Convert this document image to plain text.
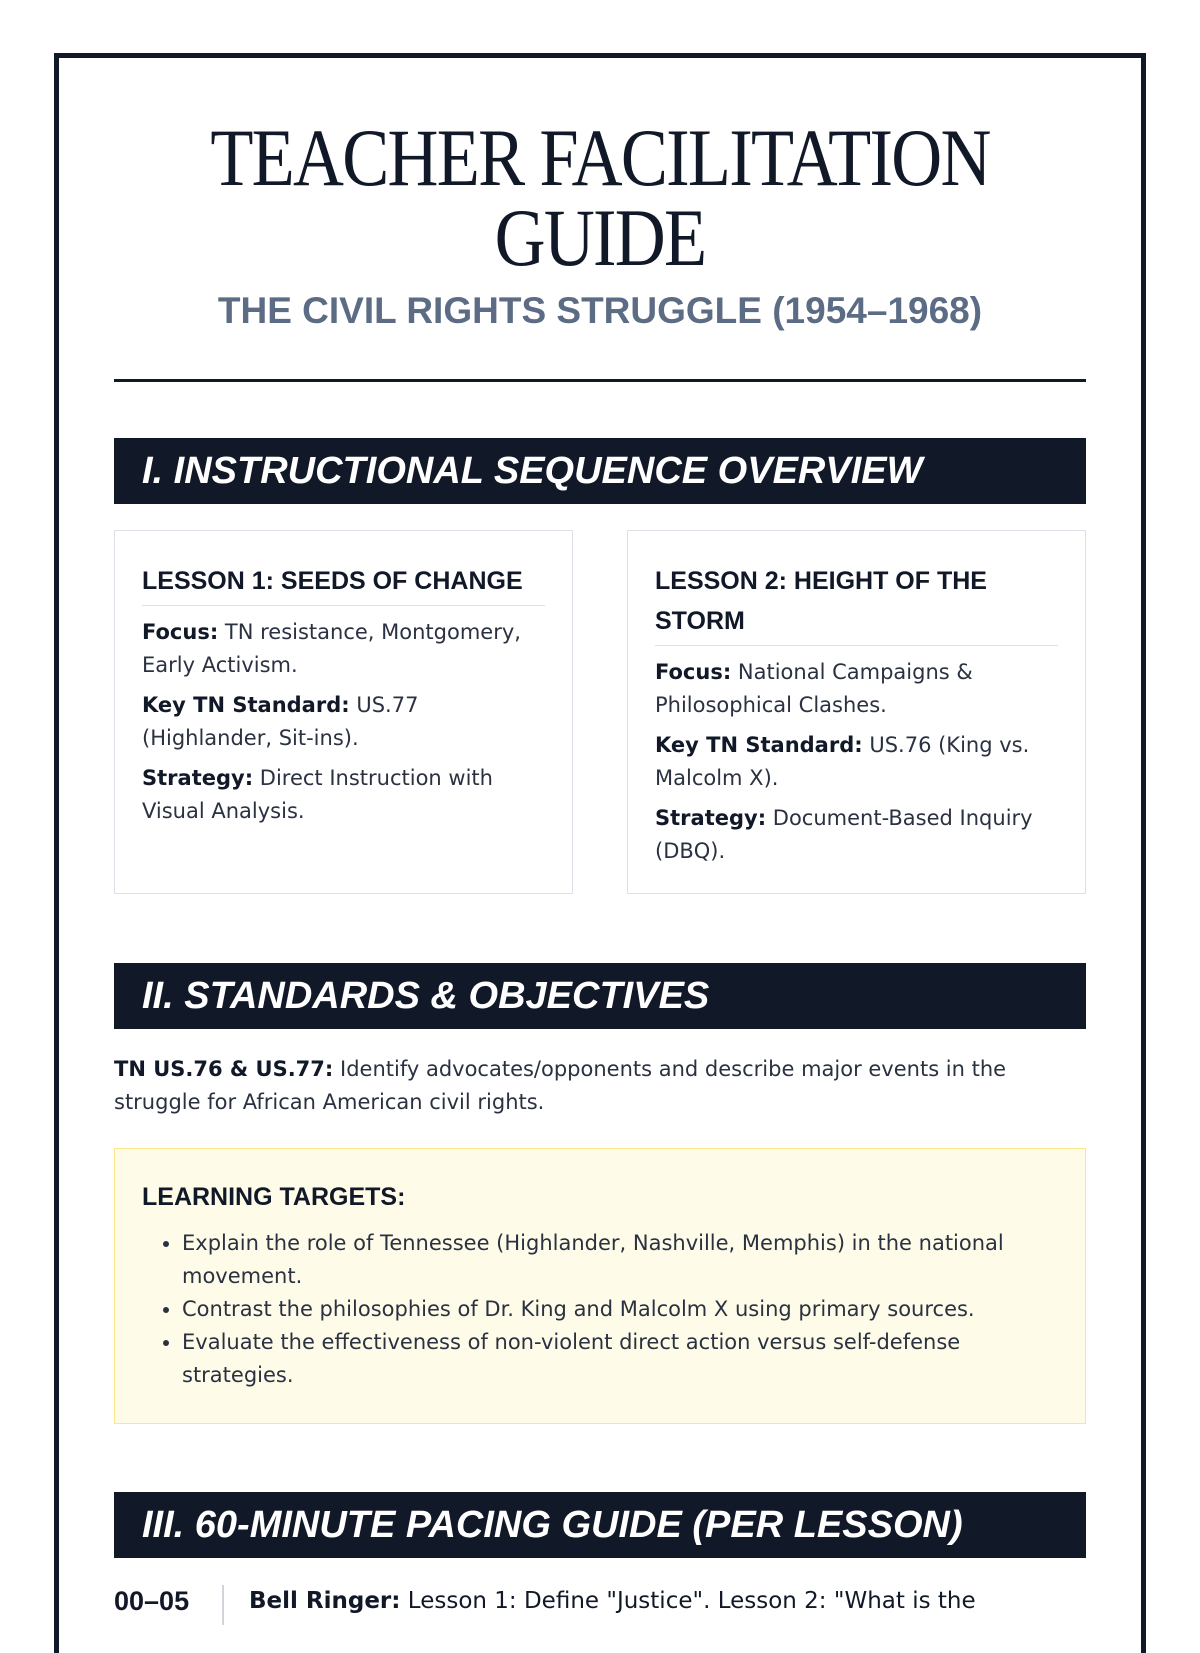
TEACHER FACILITATION GUIDE
THE CIVIL RIGHTS STRUGGLE (1954–1968)
I. INSTRUCTIONAL SEQUENCE OVERVIEW
LESSON 1: SEEDS OF CHANGE

Focus: TN resistance, Montgomery, Early Activism.

Key TN Standard: US.77 (Highlander, Sit-ins).

Strategy: Direct Instruction with Visual Analysis.

LESSON 2: HEIGHT OF THE STORM

Focus: National Campaigns & Philosophical Clashes.

Key TN Standard: US.76 (King vs. Malcolm X).

Strategy: Document-Based Inquiry (DBQ).

II. STANDARDS & OBJECTIVES

TN US.76 & US.77: Identify advocates/opponents and describe major events in the struggle for African American civil rights.

LEARNING TARGETS:
• Explain the role of Tennessee (Highlander, Nashville, Memphis) in the national movement.
• Contrast the philosophies of Dr. King and Malcolm X using primary sources.
• Evaluate the effectiveness of non-violent direct action versus self-defense strategies.
III. 60-MINUTE PACING GUIDE (PER LESSON)
00–05	Bell Ringer: Lesson 1: Define "Justice". Lesson 2: "What is the
